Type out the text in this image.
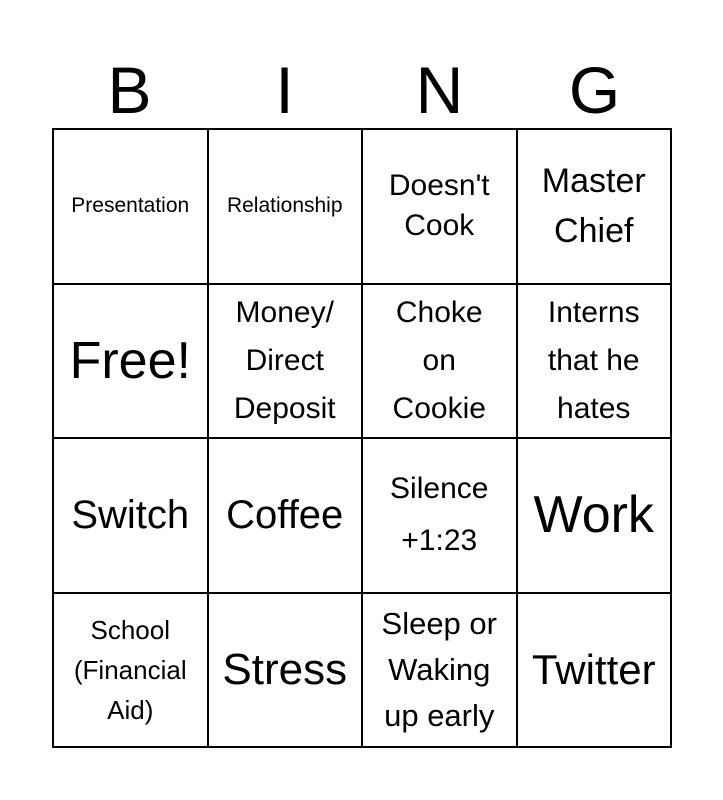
B	I	N	G
Presentation	Relationship
Doesn't
Cook
Master
Chief
Free!
Money/
Direct
Deposit
Choke
on
Cookie
Interns
that he
hates
Switch Coffee
Silence
+1:23	Work
School
(Financial
Aid)
Stress
Sleep or
Waking
up early
Twitter
